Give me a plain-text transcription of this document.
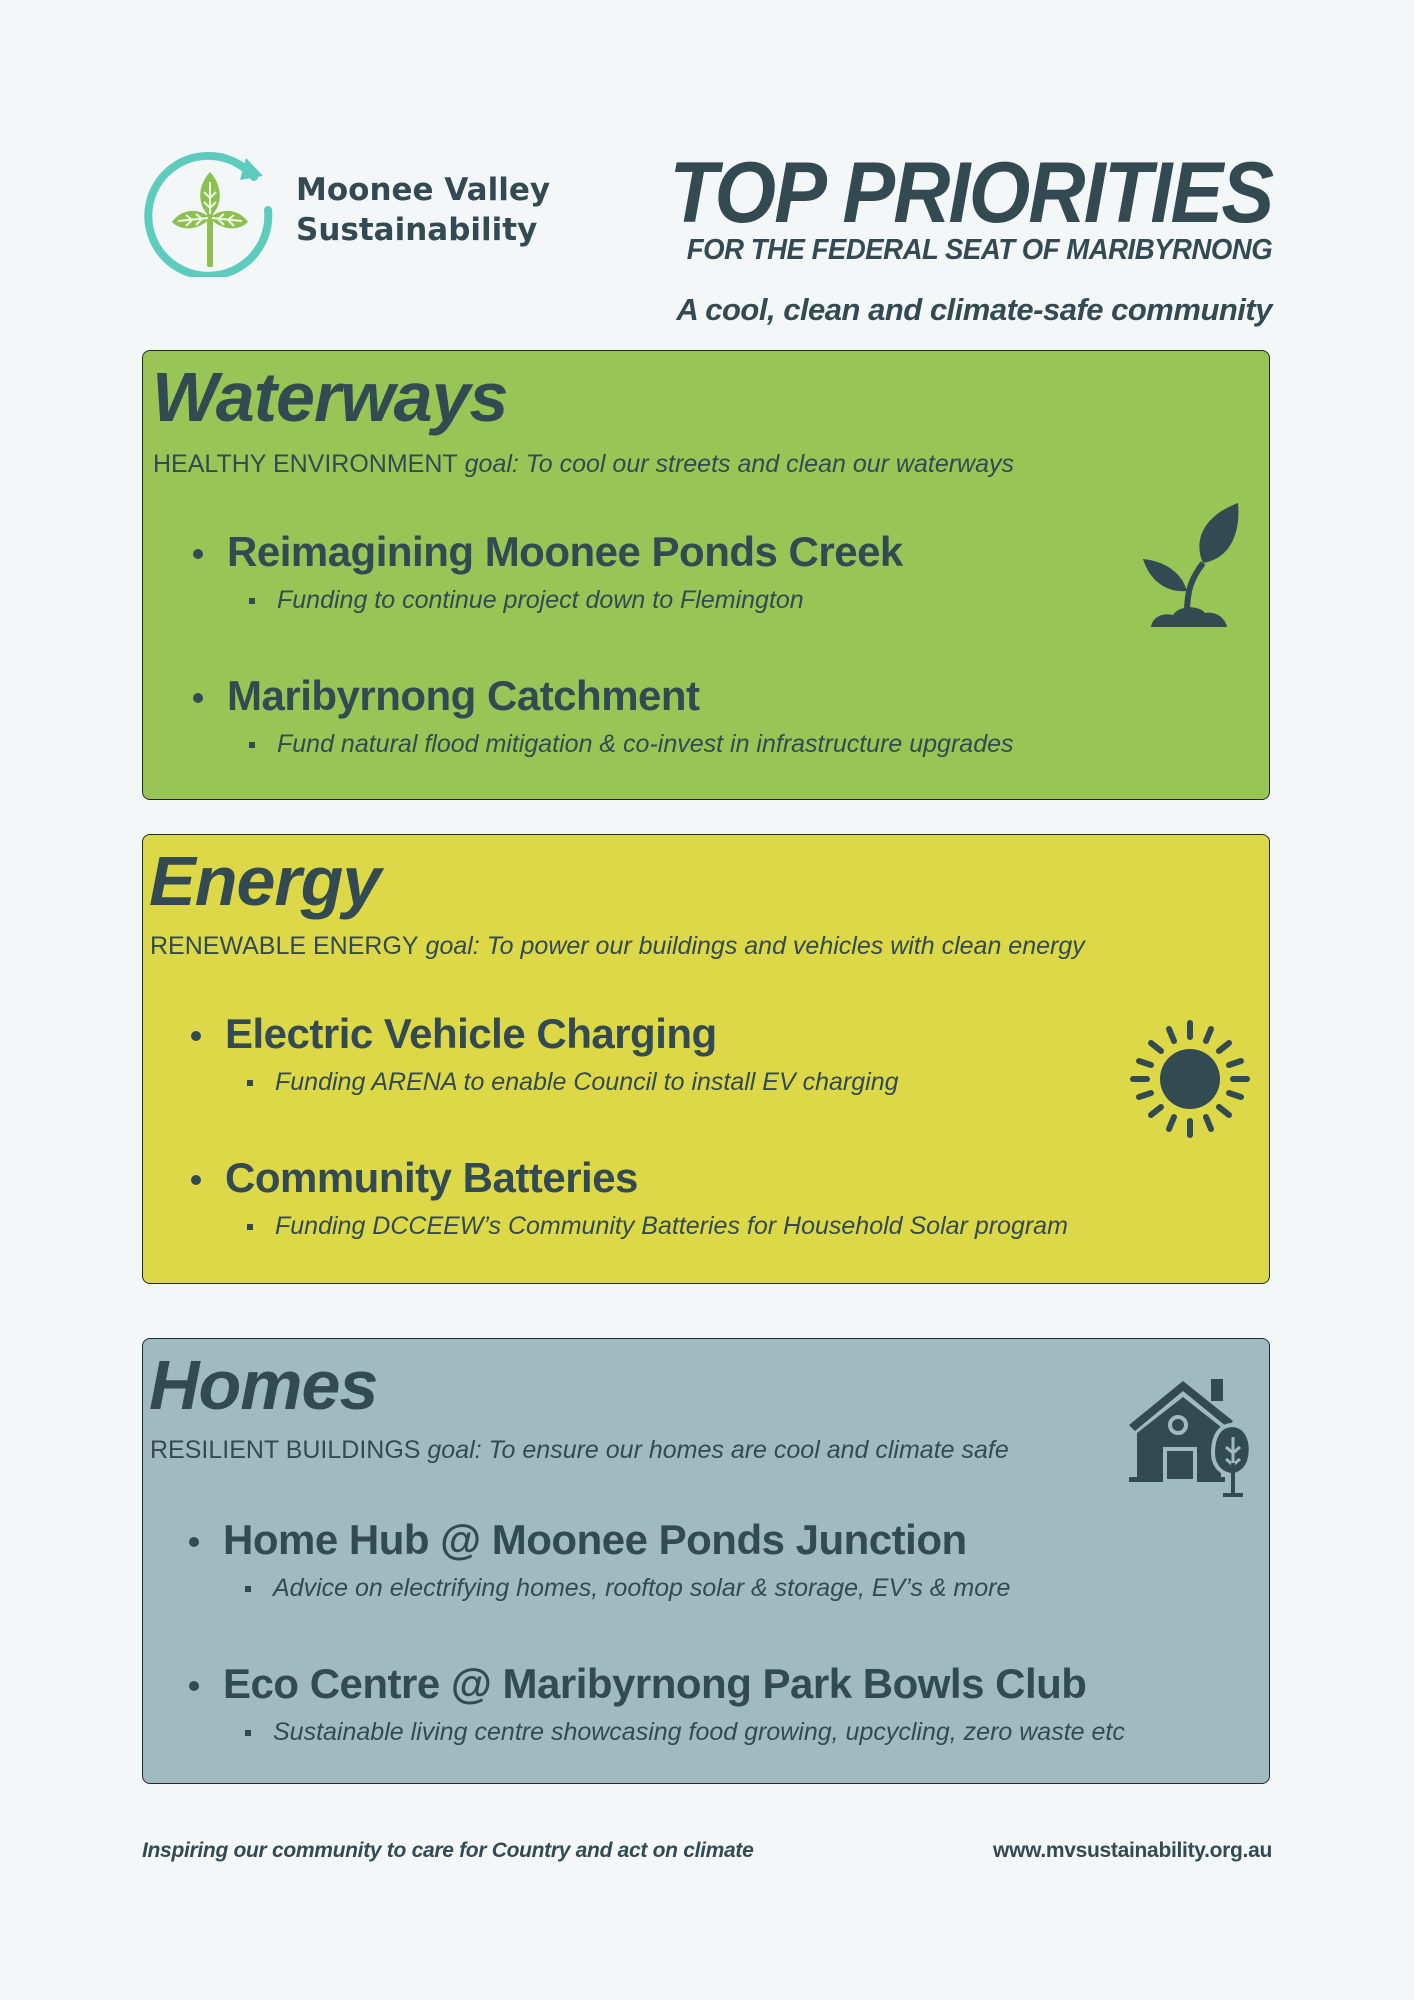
Moonee Valley
Sustainability TOP PRIORITIES
FOR THE FEDERAL SEAT OF MARIBYRNONG
A cool, clean and climate-safe community
Waterways
HEALTHY ENVIRONMENT goal: To cool our streets and clean our waterways
Reimagining Moonee Ponds Creek
Funding to continue project down to Flemington
Maribyrnong Catchment
Fund natural flood mitigation & co-invest in infrastructure upgrades
Energy
RENEWABLE ENERGY goal: To power our buildings and vehicles with clean energy
Electric Vehicle Charging
Funding ARENA to enable Council to install EV charging
Community Batteries
Funding DCCEEW’s Community Batteries for Household Solar program
Homes
RESILIENT BUILDINGS goal: To ensure our homes are cool and climate safe
Home Hub @ Moonee Ponds Junction
Advice on electrifying homes, rooftop solar & storage, EV’s & more
Eco Centre @ Maribyrnong Park Bowls Club
Sustainable living centre showcasing food growing, upcycling, zero waste etc
Inspiring our community to care for Country and act on climate	www.mvsustainability.org.au
